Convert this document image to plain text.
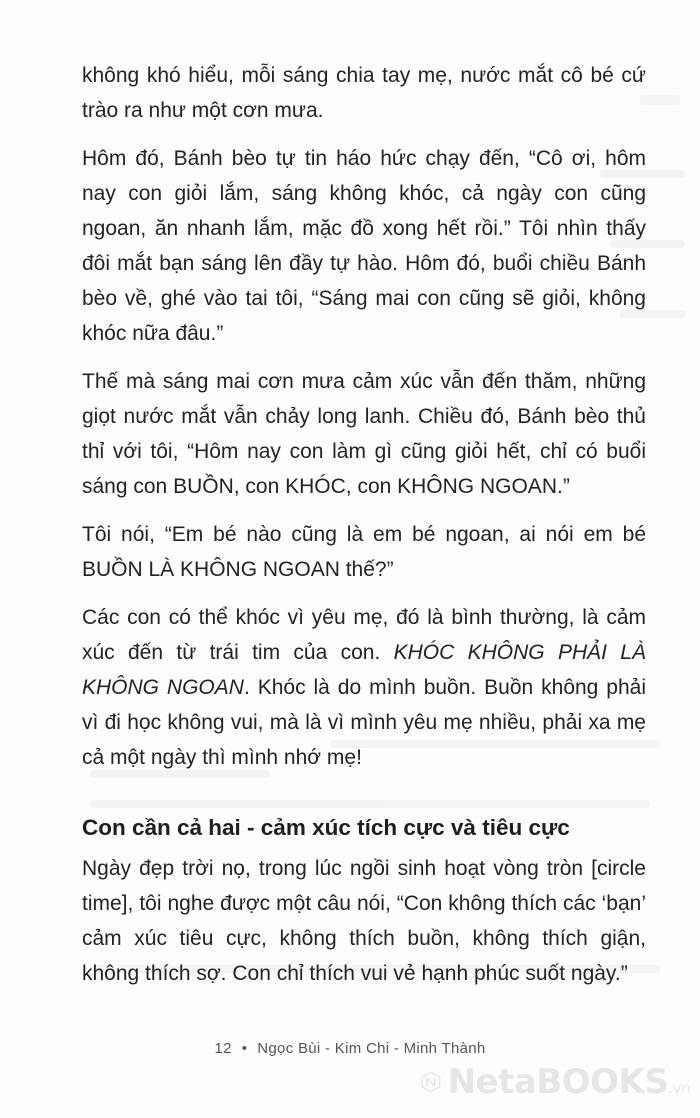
không khó hiểu, mỗi sáng chia tay mẹ, nước mắt cô bé cứ trào ra như một cơn mưa.

Hôm đó, Bánh bèo tự tin háo hức chạy đến, “Cô ơi, hôm nay con giỏi lắm, sáng không khóc, cả ngày con cũng ngoan, ăn nhanh lắm, mặc đồ xong hết rồi.” Tôi nhìn thấy đôi mắt bạn sáng lên đầy tự hào. Hôm đó, buổi chiều Bánh bèo về, ghé vào tai tôi, “Sáng mai con cũng sẽ giỏi, không khóc nữa đâu.”

Thế mà sáng mai cơn mưa cảm xúc vẫn đến thăm, những giọt nước mắt vẫn chảy long lanh. Chiều đó, Bánh bèo thủ thỉ với tôi, “Hôm nay con làm gì cũng giỏi hết, chỉ có buổi sáng con BUỒN, con KHÓC, con KHÔNG NGOAN.”

Tôi nói, “Em bé nào cũng là em bé ngoan, ai nói em bé BUỒN LÀ KHÔNG NGOAN thế?”

Các con có thể khóc vì yêu mẹ, đó là bình thường, là cảm xúc đến từ trái tim của con. KHÓC KHÔNG PHẢI LÀ KHÔNG NGOAN. Khóc là do mình buồn. Buồn không phải vì đi học không vui, mà là vì mình yêu mẹ nhiều, phải xa mẹ cả một ngày thì mình nhớ mẹ!

Con cần cả hai - cảm xúc tích cực và tiêu cực

Ngày đẹp trời nọ, trong lúc ngồi sinh hoạt vòng tròn [circle time], tôi nghe được một câu nói, “Con không thích các ‘bạn’ cảm xúc tiêu cực, không thích buồn, không thích giận, không thích sợ. Con chỉ thích vui vẻ hạnh phúc suốt ngày.”

12 • Ngọc Bùi - Kim Chi - Minh Thành
NetaBOOKS.vn
